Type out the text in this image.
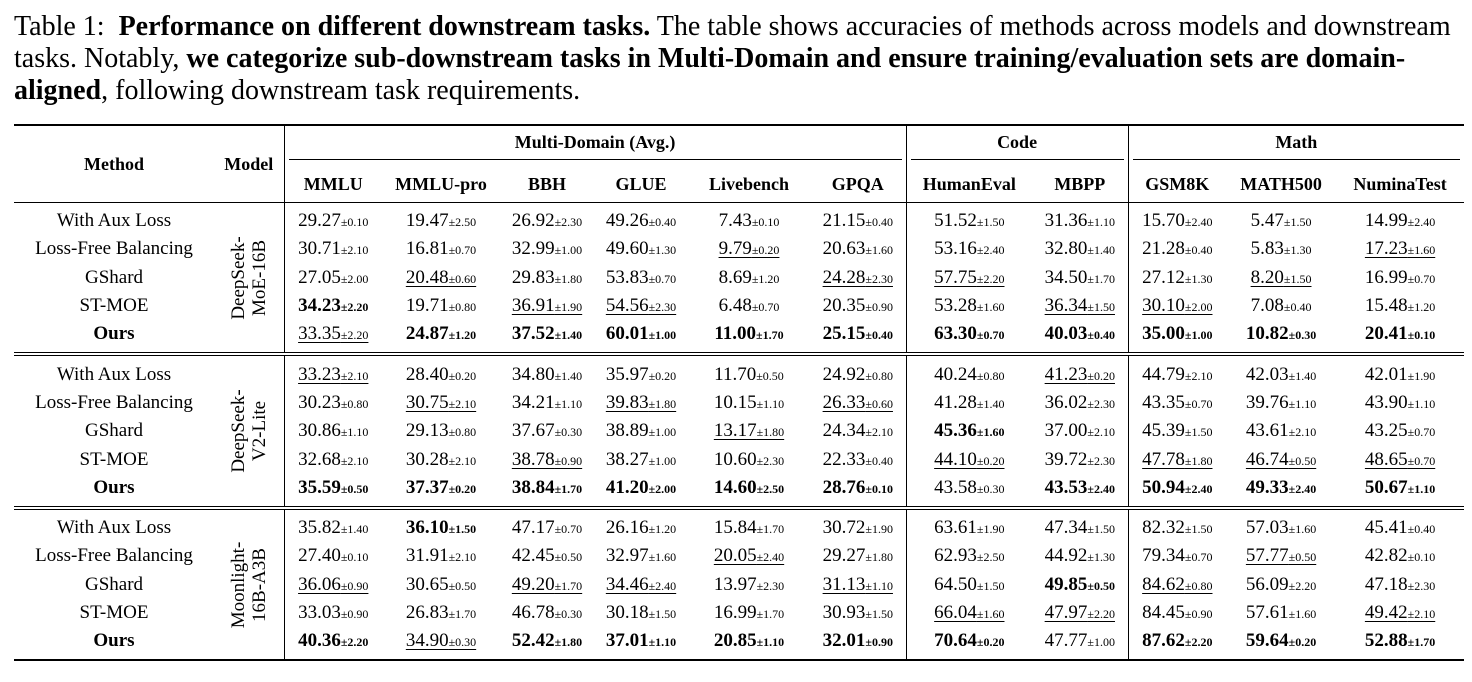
Table 1: Performance on different downstream tasks. The table shows accuracies of methods across models and downstream tasks. Notably, we categorize sub-downstream tasks in Multi-Domain and ensure training/evaluation sets are domain-aligned, following downstream task requirements.
Method	Model	Multi-Domain (Avg.)						Code		Math		

		MMLU	MMLU-pro	BBH	GLUE	Livebench	GPQA	HumanEval	MBPP	GSM8K	MATH500	NuminaTest
With Aux Loss	DeepSeek- MoE-16B	29.27±0.10	19.47±2.50	26.92±2.30	49.26±0.40	7.43±0.10	21.15±0.40	51.52±1.50	31.36±1.10	15.70±2.40	5.47±1.50	14.99±2.40
Loss-Free Balancing		30.71±2.10	16.81±0.70	32.99±1.00	49.60±1.30	9.79±0.20	20.63±1.60	53.16±2.40	32.80±1.40	21.28±0.40	5.83±1.30	17.23±1.60
GShard		27.05±2.00	20.48±0.60	29.83±1.80	53.83±0.70	8.69±1.20	24.28±2.30	57.75±2.20	34.50±1.70	27.12±1.30	8.20±1.50	16.99±0.70
ST-MOE		34.23±2.20	19.71±0.80	36.91±1.90	54.56±2.30	6.48±0.70	20.35±0.90	53.28±1.60	36.34±1.50	30.10±2.00	7.08±0.40	15.48±1.20
Ours		33.35±2.20	24.87±1.20	37.52±1.40	60.01±1.00	11.00±1.70	25.15±0.40	63.30±0.70	40.03±0.40	35.00±1.00	10.82±0.30	20.41±0.10
With Aux Loss	DeepSeek- V2-Lite	33.23±2.10	28.40±0.20	34.80±1.40	35.97±0.20	11.70±0.50	24.92±0.80	40.24±0.80	41.23±0.20	44.79±2.10	42.03±1.40	42.01±1.90
Loss-Free Balancing		30.23±0.80	30.75±2.10	34.21±1.10	39.83±1.80	10.15±1.10	26.33±0.60	41.28±1.40	36.02±2.30	43.35±0.70	39.76±1.10	43.90±1.10
GShard		30.86±1.10	29.13±0.80	37.67±0.30	38.89±1.00	13.17±1.80	24.34±2.10	45.36±1.60	37.00±2.10	45.39±1.50	43.61±2.10	43.25±0.70
ST-MOE		32.68±2.10	30.28±2.10	38.78±0.90	38.27±1.00	10.60±2.30	22.33±0.40	44.10±0.20	39.72±2.30	47.78±1.80	46.74±0.50	48.65±0.70
Ours		35.59±0.50	37.37±0.20	38.84±1.70	41.20±2.00	14.60±2.50	28.76±0.10	43.58±0.30	43.53±2.40	50.94±2.40	49.33±2.40	50.67±1.10
With Aux Loss	Moonlight- 16B-A3B	35.82±1.40	36.10±1.50	47.17±0.70	26.16±1.20	15.84±1.70	30.72±1.90	63.61±1.90	47.34±1.50	82.32±1.50	57.03±1.60	45.41±0.40
Loss-Free Balancing		27.40±0.10	31.91±2.10	42.45±0.50	32.97±1.60	20.05±2.40	29.27±1.80	62.93±2.50	44.92±1.30	79.34±0.70	57.77±0.50	42.82±0.10
GShard		36.06±0.90	30.65±0.50	49.20±1.70	34.46±2.40	13.97±2.30	31.13±1.10	64.50±1.50	49.85±0.50	84.62±0.80	56.09±2.20	47.18±2.30
ST-MOE		33.03±0.90	26.83±1.70	46.78±0.30	30.18±1.50	16.99±1.70	30.93±1.50	66.04±1.60	47.97±2.20	84.45±0.90	57.61±1.60	49.42±2.10
Ours		40.36±2.20	34.90±0.30	52.42±1.80	37.01±1.10	20.85±1.10	32.01±0.90	70.64±0.20	47.77±1.00	87.62±2.20	59.64±0.20	52.88±1.70
